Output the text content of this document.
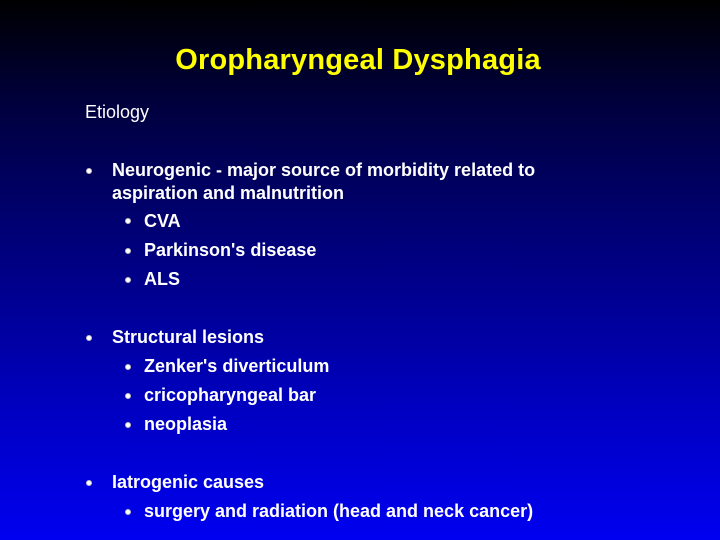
Oropharyngeal Dysphagia
Etiology
Neurogenic - major source of morbidity related to
aspiration and malnutrition
CVA
Parkinson's disease
ALS
Structural lesions
Zenker's diverticulum
cricopharyngeal bar
neoplasia
Iatrogenic causes
surgery and radiation (head and neck cancer)
